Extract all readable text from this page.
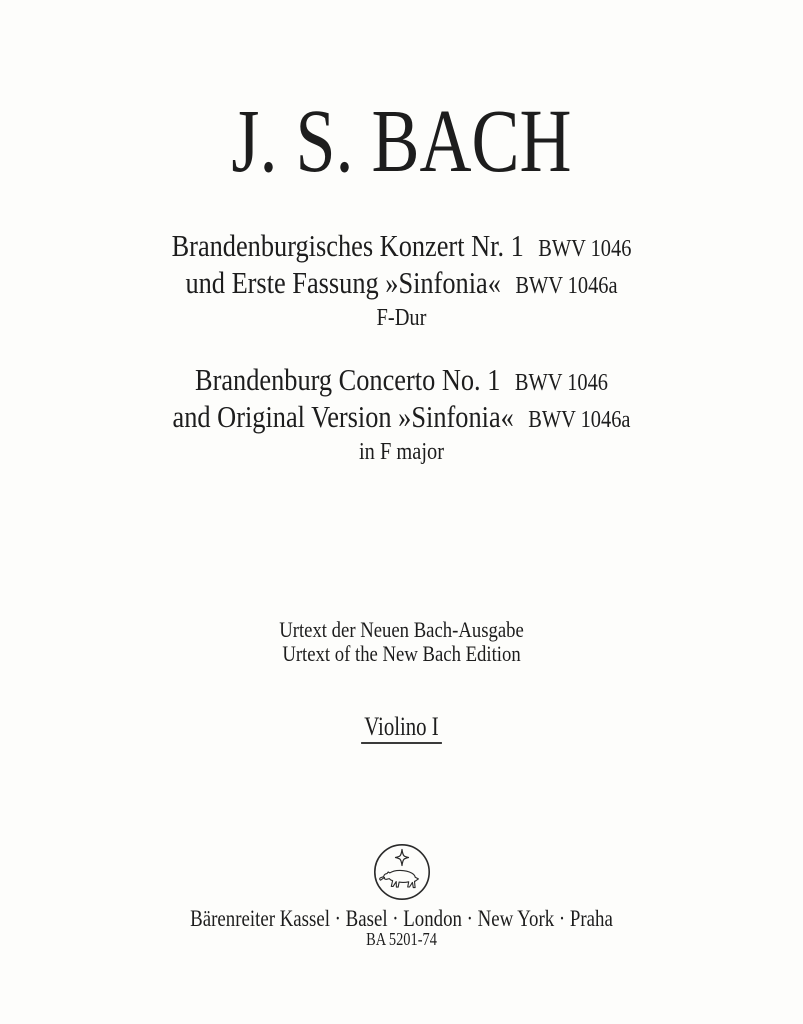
J. S. BACH
Brandenburgisches Konzert Nr. 1 BWV 1046
und Erste Fassung »Sinfonia« BWV 1046a
F-Dur
Brandenburg Concerto No. 1 BWV 1046
and Original Version »Sinfonia« BWV 1046a
in F major
Urtext der Neuen Bach-Ausgabe
Urtext of the New Bach Edition
Violino I
Bärenreiter Kassel · Basel · London · New York · Praha
BA 5201-74
